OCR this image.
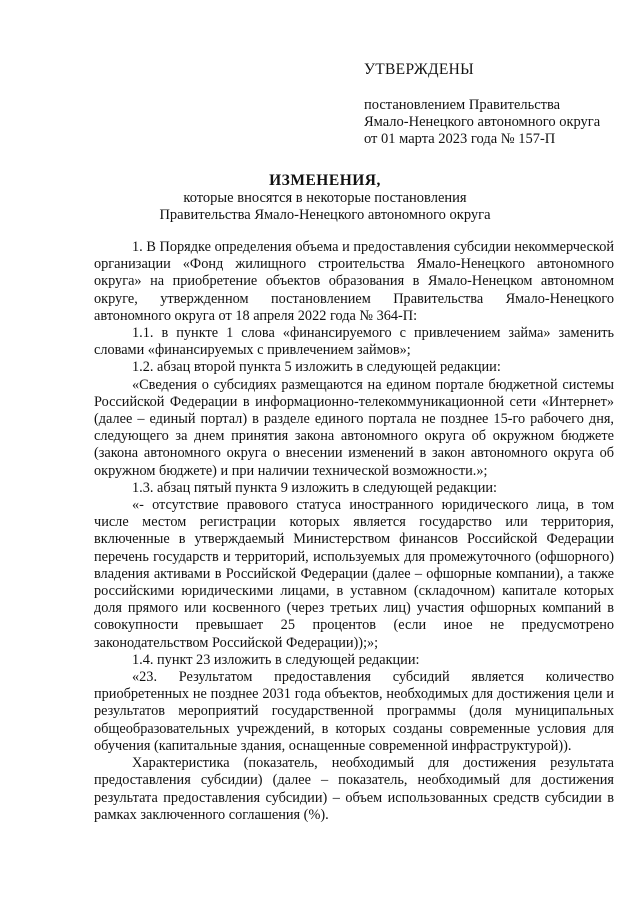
УТВЕРЖДЕНЫ
постановлением Правительства
Ямало-Ненецкого автономного округа
от 01 марта 2023 года № 157-П
ИЗМЕНЕНИЯ,
которые вносятся в некоторые постановления
Правительства Ямало-Ненецкого автономного округа

1. В Порядке определения объема и предоставления субсидии некоммерческой организации «Фонд жилищного строительства Ямало-Ненецкого автономного округа» на приобретение объектов образования в Ямало-Ненецком автономном округе, утвержденном постановлением Правительства Ямало-Ненецкого автономного округа от 18 апреля 2022 года № 364-П:

1.1. в пункте 1 слова «финансируемого с привлечением займа» заменить словами «финансируемых с привлечением займов»;

1.2. абзац второй пункта 5 изложить в следующей редакции:

«Сведения о субсидиях размещаются на едином портале бюджетной системы Российской Федерации в информационно-телекоммуникационной сети «Интернет» (далее – единый портал) в разделе единого портала не позднее 15-го рабочего дня, следующего за днем принятия закона автономного округа об окружном бюджете (закона автономного округа о внесении изменений в закон автономного округа об окружном бюджете) и при наличии технической возможности.»;

1.3. абзац пятый пункта 9 изложить в следующей редакции:

«- отсутствие правового статуса иностранного юридического лица, в том числе местом регистрации которых является государство или территория, включенные в утверждаемый Министерством финансов Российской Федерации перечень государств и территорий, используемых для промежуточного (офшорного) владения активами в Российской Федерации (далее – офшорные компании), а также российскими юридическими лицами, в уставном (складочном) капитале которых доля прямого или косвенного (через третьих лиц) участия офшорных компаний в совокупности превышает 25 процентов (если иное не предусмотрено законодательством Российской Федерации));»;

1.4. пункт 23 изложить в следующей редакции:

«23. Результатом предоставления субсидий является количество приобретенных не позднее 2031 года объектов, необходимых для достижения цели и результатов мероприятий государственной программы (доля муниципальных общеобразовательных учреждений, в которых созданы современные условия для обучения (капитальные здания, оснащенные современной инфраструктурой)).

Характеристика (показатель, необходимый для достижения результата предоставления субсидии) (далее – показатель, необходимый для достижения результата предоставления субсидии) – объем использованных средств субсидии в рамках заключенного соглашения (%).
